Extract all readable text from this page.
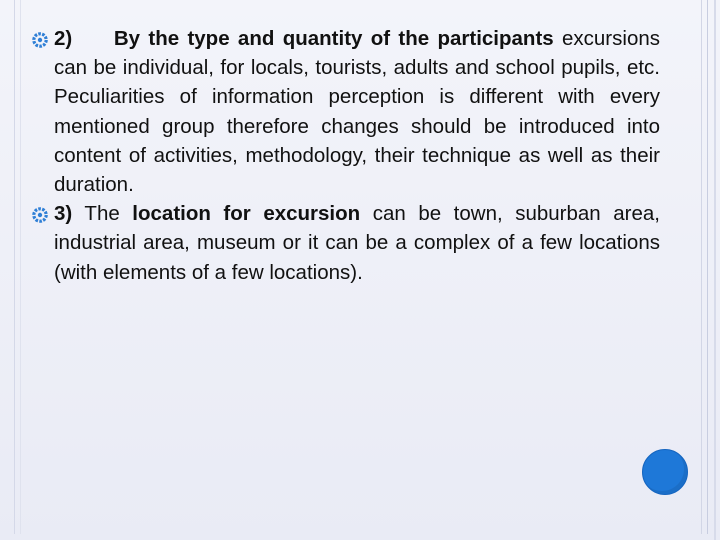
2) By the type and quantity of the participants excursions can be individual, for locals, tourists, adults and school pupils, etc. Peculiarities of information perception is different with every mentioned group therefore changes should be introduced into content of activities, methodology, their technique as well as their duration.

3) The location for excursion can be town, suburban area, industrial area, museum or it can be a complex of a few locations (with elements of a few locations).
